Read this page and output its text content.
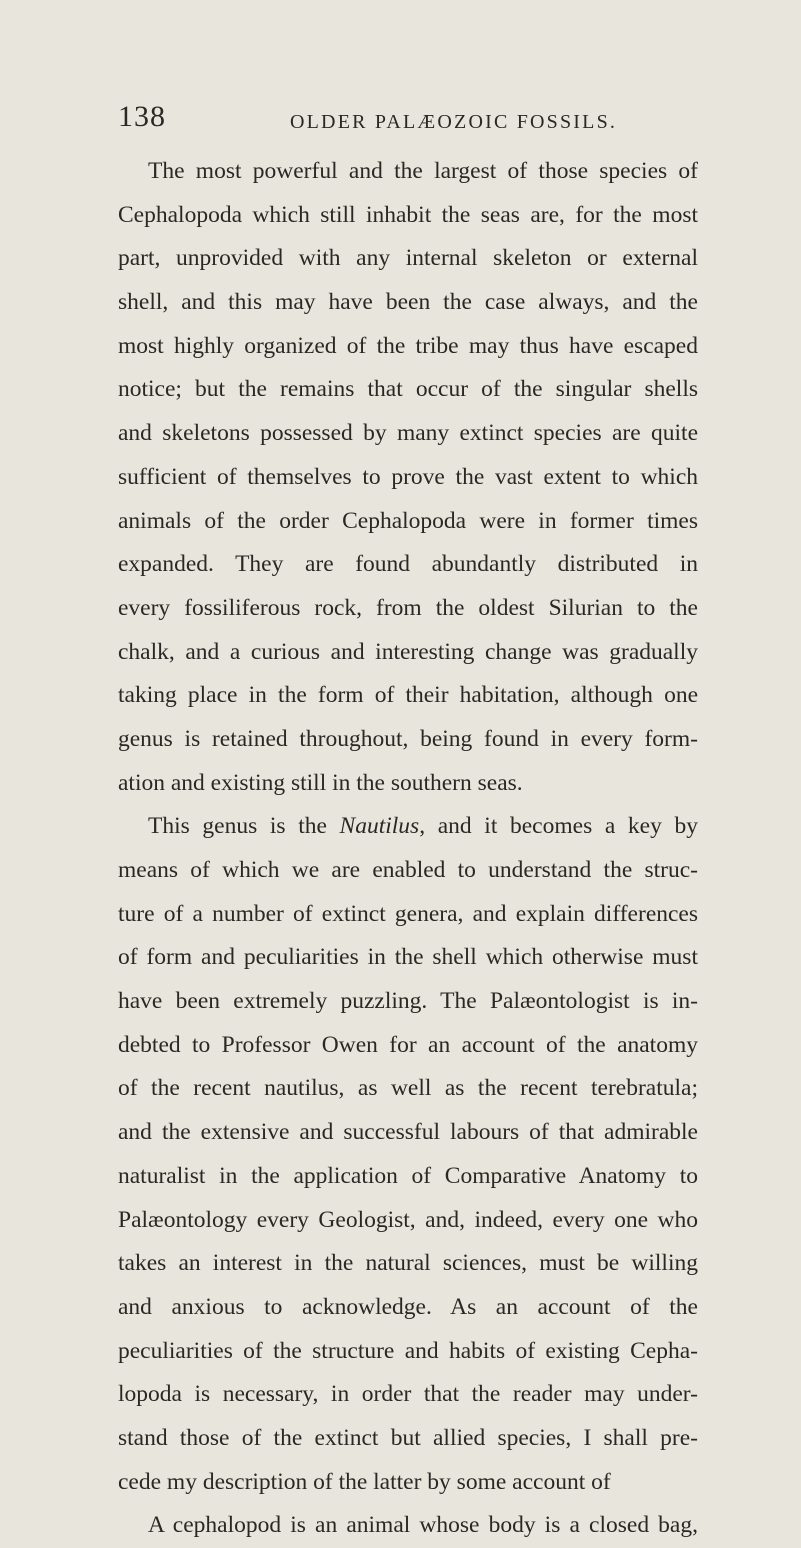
138	OLDER PALÆOZOIC FOSSILS.
The most powerful and the largest of those species of
Cephalopoda which still inhabit the seas are, for the most
part, unprovided with any internal skeleton or external
shell, and this may have been the case always, and the
most highly organized of the tribe may thus have escaped
notice; but the remains that occur of the singular shells
and skeletons possessed by many extinct species are quite
sufficient of themselves to prove the vast extent to which
animals of the order Cephalopoda were in former times
expanded. They are found abundantly distributed in
every fossiliferous rock, from the oldest Silurian to the
chalk, and a curious and interesting change was gradually
taking place in the form of their habitation, although one
genus is retained throughout, being found in every form-
ation and existing still in the southern seas.
This genus is the Nautilus, and it becomes a key by
means of which we are enabled to understand the struc-
ture of a number of extinct genera, and explain differences
of form and peculiarities in the shell which otherwise must
have been extremely puzzling. The Palæontologist is in-
debted to Professor Owen for an account of the anatomy
of the recent nautilus, as well as the recent terebratula;
and the extensive and successful labours of that admirable
naturalist in the application of Comparative Anatomy to
Palæontology every Geologist, and, indeed, every one who
takes an interest in the natural sciences, must be willing
and anxious to acknowledge. As an account of the
peculiarities of the structure and habits of existing Cepha-
lopoda is necessary, in order that the reader may under-
stand those of the extinct but allied species, I shall pre-
cede my description of the latter by some account of
A cephalopod is an animal whose body is a closed bag,
